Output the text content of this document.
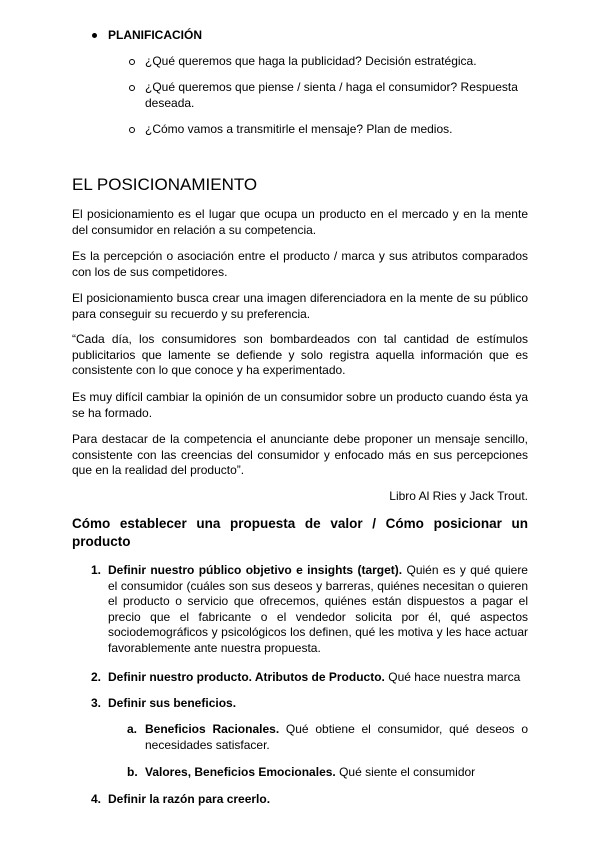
PLANIFICACIÓN
¿Qué queremos que haga la publicidad? Decisión estratégica.
¿Qué queremos que piense / sienta / haga el consumidor? Respuesta deseada.
¿Cómo vamos a transmitirle el mensaje? Plan de medios.
EL POSICIONAMIENTO
El posicionamiento es el lugar que ocupa un producto en el mercado y en la mente del consumidor en relación a su competencia.
Es la percepción o asociación entre el producto / marca y sus atributos comparados con los de sus competidores.
El posicionamiento busca crear una imagen diferenciadora en la mente de su público para conseguir su recuerdo y su preferencia.
“Cada día, los consumidores son bombardeados con tal cantidad de estímulos publicitarios que lamente se defiende y solo registra aquella información que es consistente con lo que conoce y ha experimentado.
Es muy difícil cambiar la opinión de un consumidor sobre un producto cuando ésta ya se ha formado.
Para destacar de la competencia el anunciante debe proponer un mensaje sencillo, consistente con las creencias del consumidor y enfocado más en sus percepciones que en la realidad del producto”.
Libro Al Ries y Jack Trout.
Cómo establecer una propuesta de valor / Cómo posicionar un producto
1. Definir nuestro público objetivo e insights (target). Quién es y qué quiere el consumidor (cuáles son sus deseos y barreras, quiénes necesitan o quieren el producto o servicio que ofrecemos, quiénes están dispuestos a pagar el precio que el fabricante o el vendedor solicita por él, qué aspectos sociodemográficos y psicológicos los definen, qué les motiva y les hace actuar favorablemente ante nuestra propuesta.
2. Definir nuestro producto. Atributos de Producto. Qué hace nuestra marca
3. Definir sus beneficios.
a. Beneficios Racionales. Qué obtiene el consumidor, qué deseos o necesidades satisfacer.
b. Valores, Beneficios Emocionales. Qué siente el consumidor
4. Definir la razón para creerlo.
